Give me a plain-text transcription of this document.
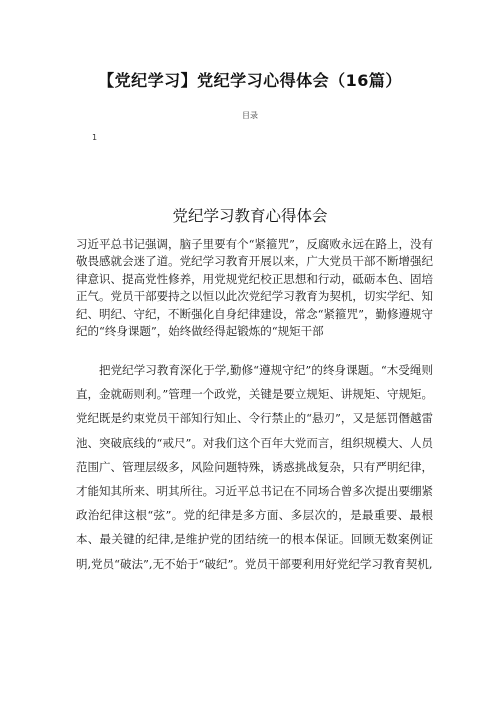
【党纪学习】党纪学习心得体会（16篇）
目录
1
党纪学习教育心得体会
习近平总书记强调，脑子里要有个“紧箍咒”，反腐败永远在路上，没有敬畏感就会迷了道。党纪学习教育开展以来，广大党员干部不断增强纪律意识、提高党性修养，用党规党纪校正思想和行动，砥砺本色、固培正气。党员干部要持之以恒以此次党纪学习教育为契机，切实学纪、知纪、明纪、守纪，不断强化自身纪律建设，常念“紧箍咒”，勤修遵规守纪的“终身课题”，始终做经得起锻炼的“规矩干部
把党纪学习教育深化于学,勤修“遵规守纪”的终身课题。“木受绳则直，金就砺则利。”管理一个政党，关键是要立规矩、讲规矩、守规矩。党纪既是约束党员干部知行知止、令行禁止的“悬刃”，又是惩罚僭越雷池、突破底线的“戒尺”。对我们这个百年大党而言，组织规模大、人员范围广、管理层级多，风险问题特殊，诱惑挑战复杂，只有严明纪律，才能知其所来、明其所往。习近平总书记在不同场合曾多次提出要绷紧政治纪律这根“弦”。党的纪律是多方面、多层次的，是最重要、最根本、最关键的纪律,是维护党的团结统一的根本保证。回顾无数案例证明,党员“破法”,无不始于“破纪”。党员干部要利用好党纪学习教育契机,
